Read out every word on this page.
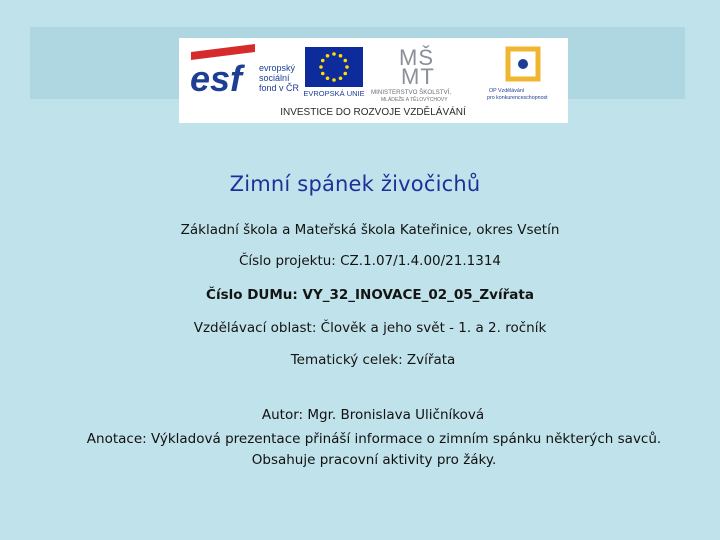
esf	evropský
sociální
fond v ČR
EVROPSKÁ UNIE
MŠ
MT
MINISTERSTVO ŠKOLSTVÍ,
MLÁDEŽE A TĚLOVÝCHOVY
OP Vzdělávání
pro konkurenceschopnost
INVESTICE DO ROZVOJE VZDĚLÁVÁNÍ
Zimní spánek živočichů
Základní škola a Mateřská škola Kateřinice, okres Vsetín
Číslo projektu: CZ.1.07/1.4.00/21.1314
Číslo DUMu: VY_32_INOVACE_02_05_Zvířata
Vzdělávací oblast: Člověk a jeho svět - 1. a 2. ročník
Tematický celek: Zvířata
Autor: Mgr. Bronislava Uličníková
Anotace: Výkladová prezentace přináší informace o zimním spánku některých savců. Obsahuje pracovní aktivity pro žáky.
